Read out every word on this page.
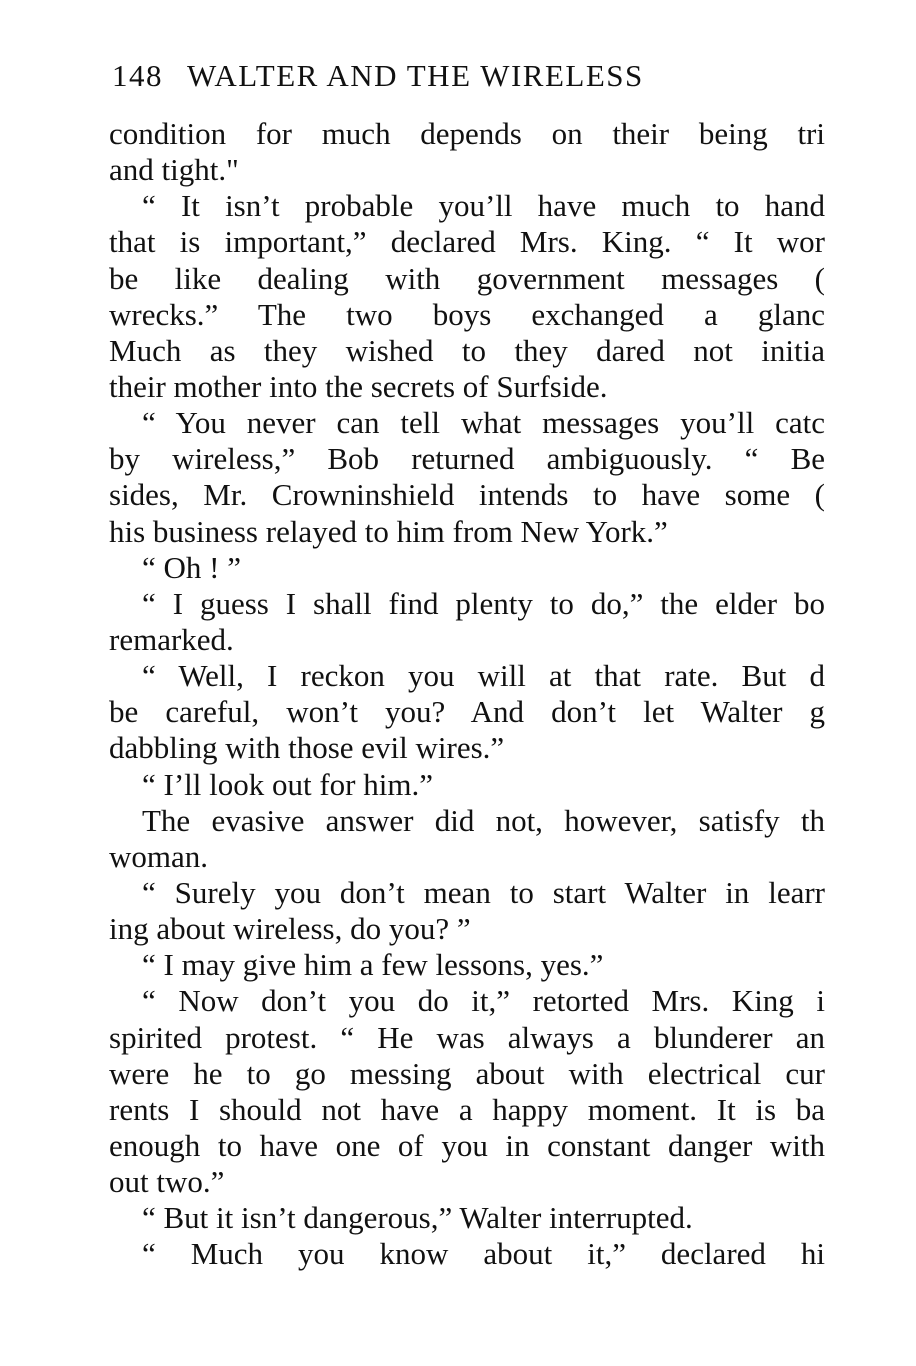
148 WALTER AND THE WIRELESS
condition for much depends on their being tri
and tight."
“ It isn’t probable you’ll have much to hand
that is important,” declared Mrs. King. “ It wor
be like dealing with government messages (
wrecks.” The two boys exchanged a glanc
Much as they wished to they dared not initia
their mother into the secrets of Surfside.
“ You never can tell what messages you’ll catc
by wireless,” Bob returned ambiguously. “ Be
sides, Mr. Crowninshield intends to have some (
his business relayed to him from New York.”
“ Oh ! ”
“ I guess I shall find plenty to do,” the elder bo
remarked.
“ Well, I reckon you will at that rate. But d
be careful, won’t you? And don’t let Walter g
dabbling with those evil wires.”
“ I’ll look out for him.”
The evasive answer did not, however, satisfy th
woman.
“ Surely you don’t mean to start Walter in learr
ing about wireless, do you? ”
“ I may give him a few lessons, yes.”
“ Now don’t you do it,” retorted Mrs. King i
spirited protest. “ He was always a blunderer an
were he to go messing about with electrical cur
rents I should not have a happy moment. It is ba
enough to have one of you in constant danger with
out two.”
“ But it isn’t dangerous,” Walter interrupted.
“ Much you know about it,” declared hi
